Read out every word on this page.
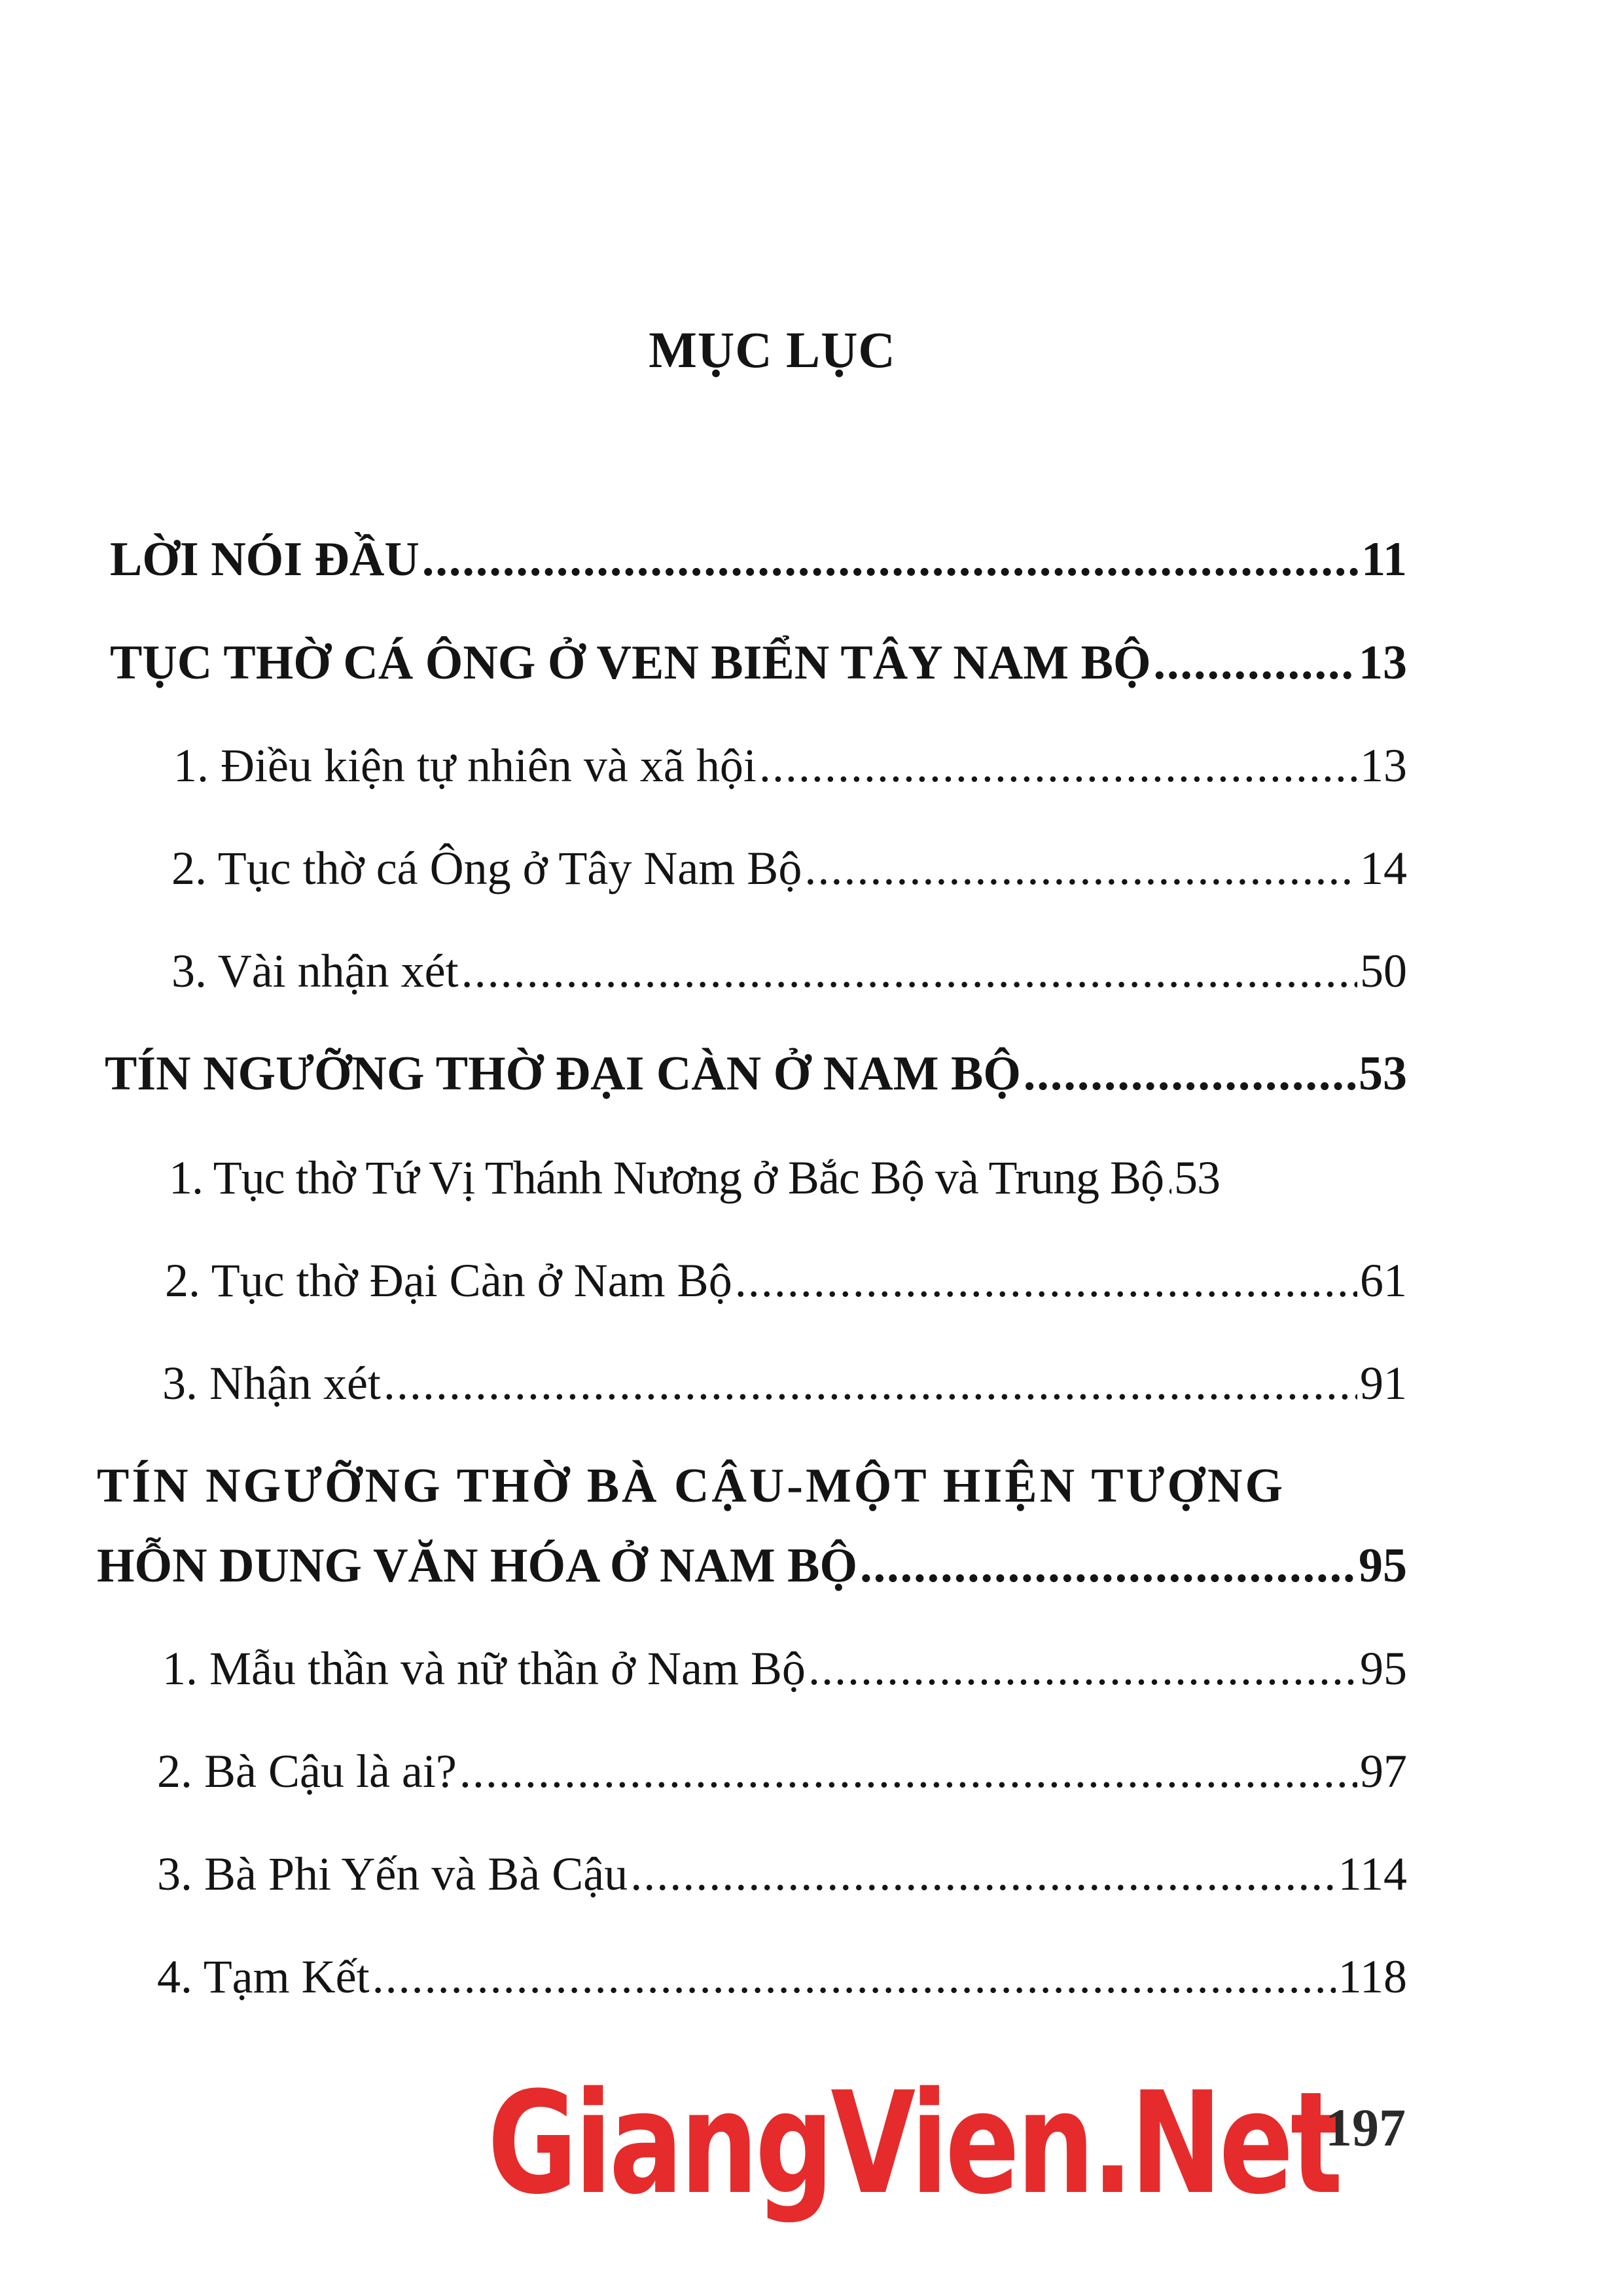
MỤC LỤC
LỜI NÓI ĐẦU .....	11
TỤC THỜ CÁ ÔNG Ở VEN BIỂN TÂY NAM BỘ .....	13
1. Điều kiện tự nhiên và xã hội .....	13
2. Tục thờ cá Ông ở Tây Nam Bộ .....	14
3. Vài nhận xét .....	50
TÍN NGƯỠNG THỜ ĐẠI CÀN Ở NAM BỘ .....	53
1. Tục thờ Tứ Vị Thánh Nương ở Bắc Bộ và Trung Bộ ..... 53
2. Tục thờ Đại Càn ở Nam Bộ .....	61
3. Nhận xét .....	91
TÍN NGƯỠNG THỜ BÀ CẬU-MỘT HIỆN TƯỢNG
HỖN DUNG VĂN HÓA Ở NAM BỘ .....	95
1. Mẫu thần và nữ thần ở Nam Bộ .....	95
2. Bà Cậu là ai? .....	97
3. Bà Phi Yến và Bà Cậu .....	114
4. Tạm Kết .....	118
GiangVien.Net
197
